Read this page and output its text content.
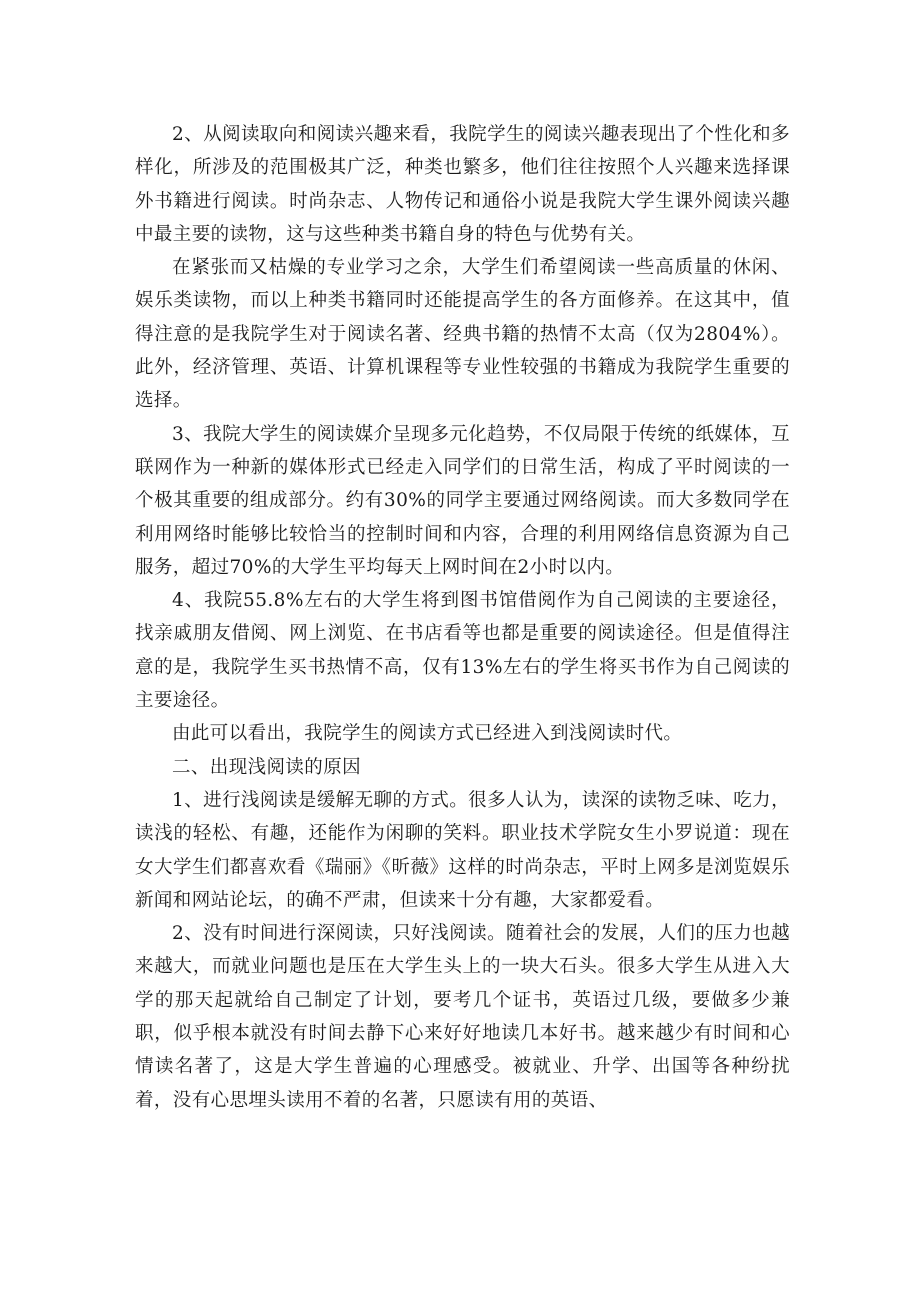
2、从阅读取向和阅读兴趣来看，我院学生的阅读兴趣表现出了个性化和多样化，所涉及的范围极其广泛，种类也繁多，他们往往按照个人兴趣来选择课外书籍进行阅读。时尚杂志、人物传记和通俗小说是我院大学生课外阅读兴趣中最主要的读物，这与这些种类书籍自身的特色与优势有关。

在紧张而又枯燥的专业学习之余，大学生们希望阅读一些高质量的休闲、娱乐类读物，而以上种类书籍同时还能提高学生的各方面修养。在这其中，值得注意的是我院学生对于阅读名著、经典书籍的热情不太高（仅为2804%）。此外，经济管理、英语、计算机课程等专业性较强的书籍成为我院学生重要的选择。

3、我院大学生的阅读媒介呈现多元化趋势，不仅局限于传统的纸媒体，互联网作为一种新的媒体形式已经走入同学们的日常生活，构成了平时阅读的一个极其重要的组成部分。约有30%的同学主要通过网络阅读。而大多数同学在利用网络时能够比较恰当的控制时间和内容，合理的利用网络信息资源为自己服务，超过70%的大学生平均每天上网时间在2小时以内。

4、我院55.8%左右的大学生将到图书馆借阅作为自己阅读的主要途径，找亲戚朋友借阅、网上浏览、在书店看等也都是重要的阅读途径。但是值得注意的是，我院学生买书热情不高，仅有13%左右的学生将买书作为自己阅读的主要途径。

由此可以看出，我院学生的阅读方式已经进入到浅阅读时代。

二、出现浅阅读的原因

1、进行浅阅读是缓解无聊的方式。很多人认为，读深的读物乏味、吃力，读浅的轻松、有趣，还能作为闲聊的笑料。职业技术学院女生小罗说道：现在女大学生们都喜欢看《瑞丽》《昕薇》这样的时尚杂志，平时上网多是浏览娱乐新闻和网站论坛，的确不严肃，但读来十分有趣，大家都爱看。

2、没有时间进行深阅读，只好浅阅读。随着社会的发展，人们的压力也越来越大，而就业问题也是压在大学生头上的一块大石头。很多大学生从进入大学的那天起就给自己制定了计划，要考几个证书，英语过几级，要做多少兼职，似乎根本就没有时间去静下心来好好地读几本好书。越来越少有时间和心情读名著了，这是大学生普遍的心理感受。被就业、升学、出国等各种纷扰着，没有心思埋头读用不着的名著，只愿读有用的英语、
